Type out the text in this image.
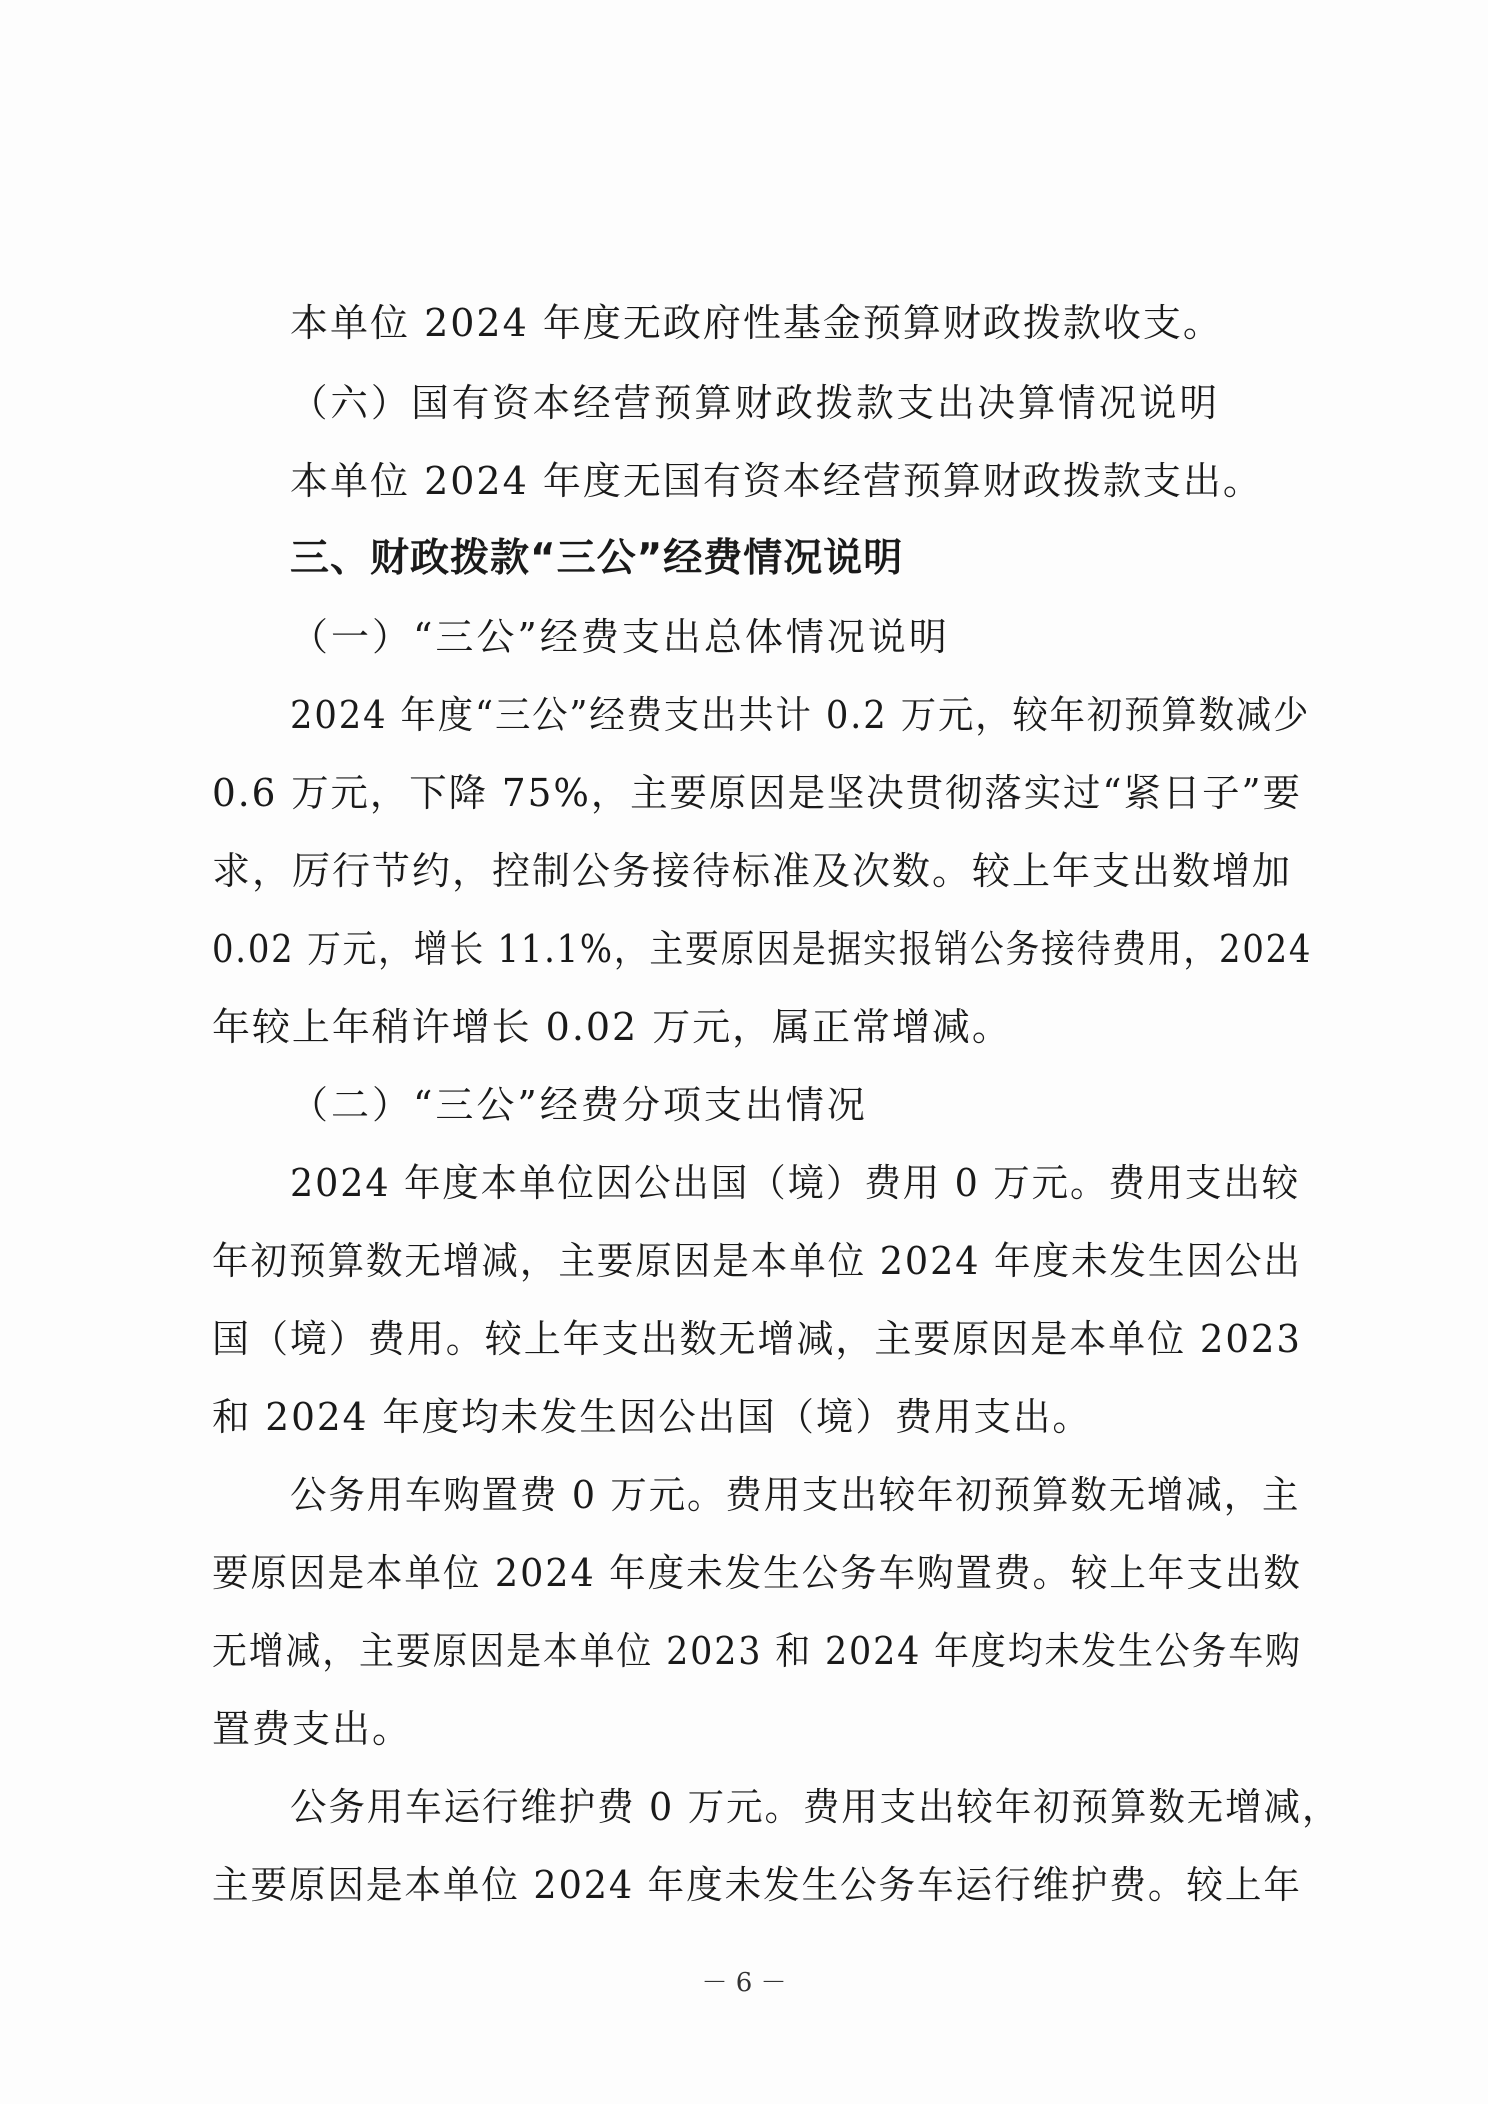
本单位 2024 年度无政府性基金预算财政拨款收支。
（六）国有资本经营预算财政拨款支出决算情况说明
本单位 2024 年度无国有资本经营预算财政拨款支出。
三、财政拨款“三公”经费情况说明
（一）“三公”经费支出总体情况说明
2024 年度“三公”经费支出共计 0.2 万元，较年初预算数减少
0.6 万元，下降 75%，主要原因是坚决贯彻落实过“紧日子”要
求，厉行节约，控制公务接待标准及次数。较上年支出数增加
0.02 万元，增长 11.1%，主要原因是据实报销公务接待费用，2024
年较上年稍许增长 0.02 万元，属正常增减。
（二）“三公”经费分项支出情况
2024 年度本单位因公出国（境）费用 0 万元。费用支出较
年初预算数无增减，主要原因是本单位 2024 年度未发生因公出
国（境）费用。较上年支出数无增减，主要原因是本单位 2023
和 2024 年度均未发生因公出国（境）费用支出。
公务用车购置费 0 万元。费用支出较年初预算数无增减，主
要原因是本单位 2024 年度未发生公务车购置费。较上年支出数
无增减，主要原因是本单位 2023 和 2024 年度均未发生公务车购
置费支出。
公务用车运行维护费 0 万元。费用支出较年初预算数无增减，
主要原因是本单位 2024 年度未发生公务车运行维护费。较上年
－ 6 －
